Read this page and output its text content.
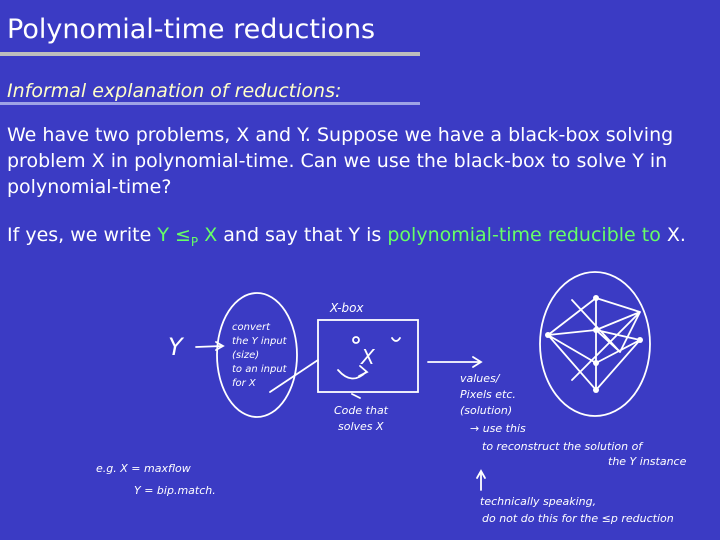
Polynomial-time reductions
Informal explanation of reductions:
We have two problems, X and Y. Suppose we have a black-box solving problem X in polynomial-time. Can we use the black-box to solve Y in polynomial-time?
If yes, we write $Y \le_P$ X and say that Y is polynomial-time reducible to X.
Y
convert
the Y input
(size)
to an input
for X
X-box
X
Code that
solves X
values/
Pixels etc.
(solution)
→ use this
to reconstruct the solution of
the Y instance
e.g. X = maxflow
Y = bip.match.
technically speaking,
do not do this for the ≤p reduction
